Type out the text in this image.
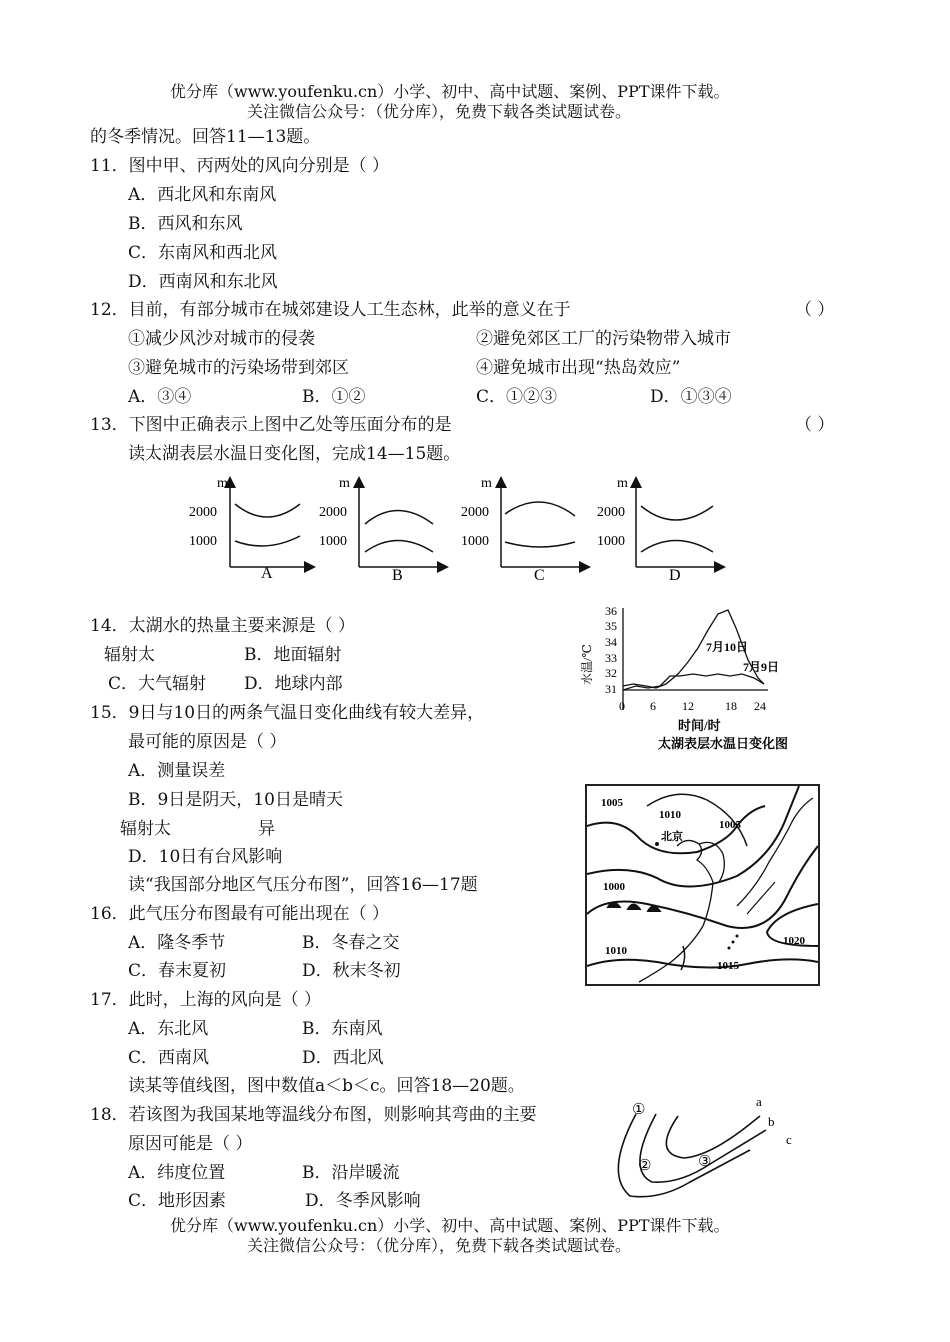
优分库（www.youfenku.cn）小学、初中、高中试题、案例、PPT课件下载。
关注微信公众号：（优分库），免费下载各类试题试卷。
的冬季情况。回答11—13题。
11．图中甲、丙两处的风向分别是（ ）
A．西北风和东南风
B．西风和东风
C．东南风和西北风
D．西南风和东北风
12．目前，有部分城市在城郊建设人工生态林，此举的意义在于	（ ）
①减少风沙对城市的侵袭	②避免郊区工厂的污染物带入城市
③避免城市的污染场带到郊区	④避免城市出现“热岛效应”
A．③④	B．①②	C．①②③	D．①③④
13．下图中正确表示上图中乙处等压面分布的是	（ ）
读太湖表层水温日变化图，完成14—15题。
m
2000
1000
A
m
2000
1000
B
m
2000
1000
C
m
2000
1000
D
14．太湖水的热量主要来源是（ ）
辐射太	B．地面辐射
C．大气辐射 D．地球内部
15．9日与10日的两条气温日变化曲线有较大差异，
最可能的原因是（ ）
A．测量误差
B．9日是阴天，10日是晴天
辐射太	异
D．10日有台风影响
水温/℃
36
35
34
33
32
31
0 6 12	18 24
7月10日
7月9日
时间/时
太湖表层水温日变化图
读“我国部分地区气压分布图”，回答16—17题
16．此气压分布图最有可能出现在（ ）
A．隆冬季节	B．冬春之交
C．春末夏初	D．秋末冬初
1005
1010
北京
1005
1000
1010
1015
1020
17．此时，上海的风向是（ ）
A．东北风	B．东南风
C．西南风	D．西北风
读某等值线图，图中数值a＜b＜c。回答18—20题。
18．若该图为我国某地等温线分布图，则影响其弯曲的主要
原因可能是（ ）
A．纬度位置	B．沿岸暖流
C．地形因素	D．冬季风影响
a
b
c
①
②	③
优分库（www.youfenku.cn）小学、初中、高中试题、案例、PPT课件下载。
关注微信公众号：（优分库），免费下载各类试题试卷。
